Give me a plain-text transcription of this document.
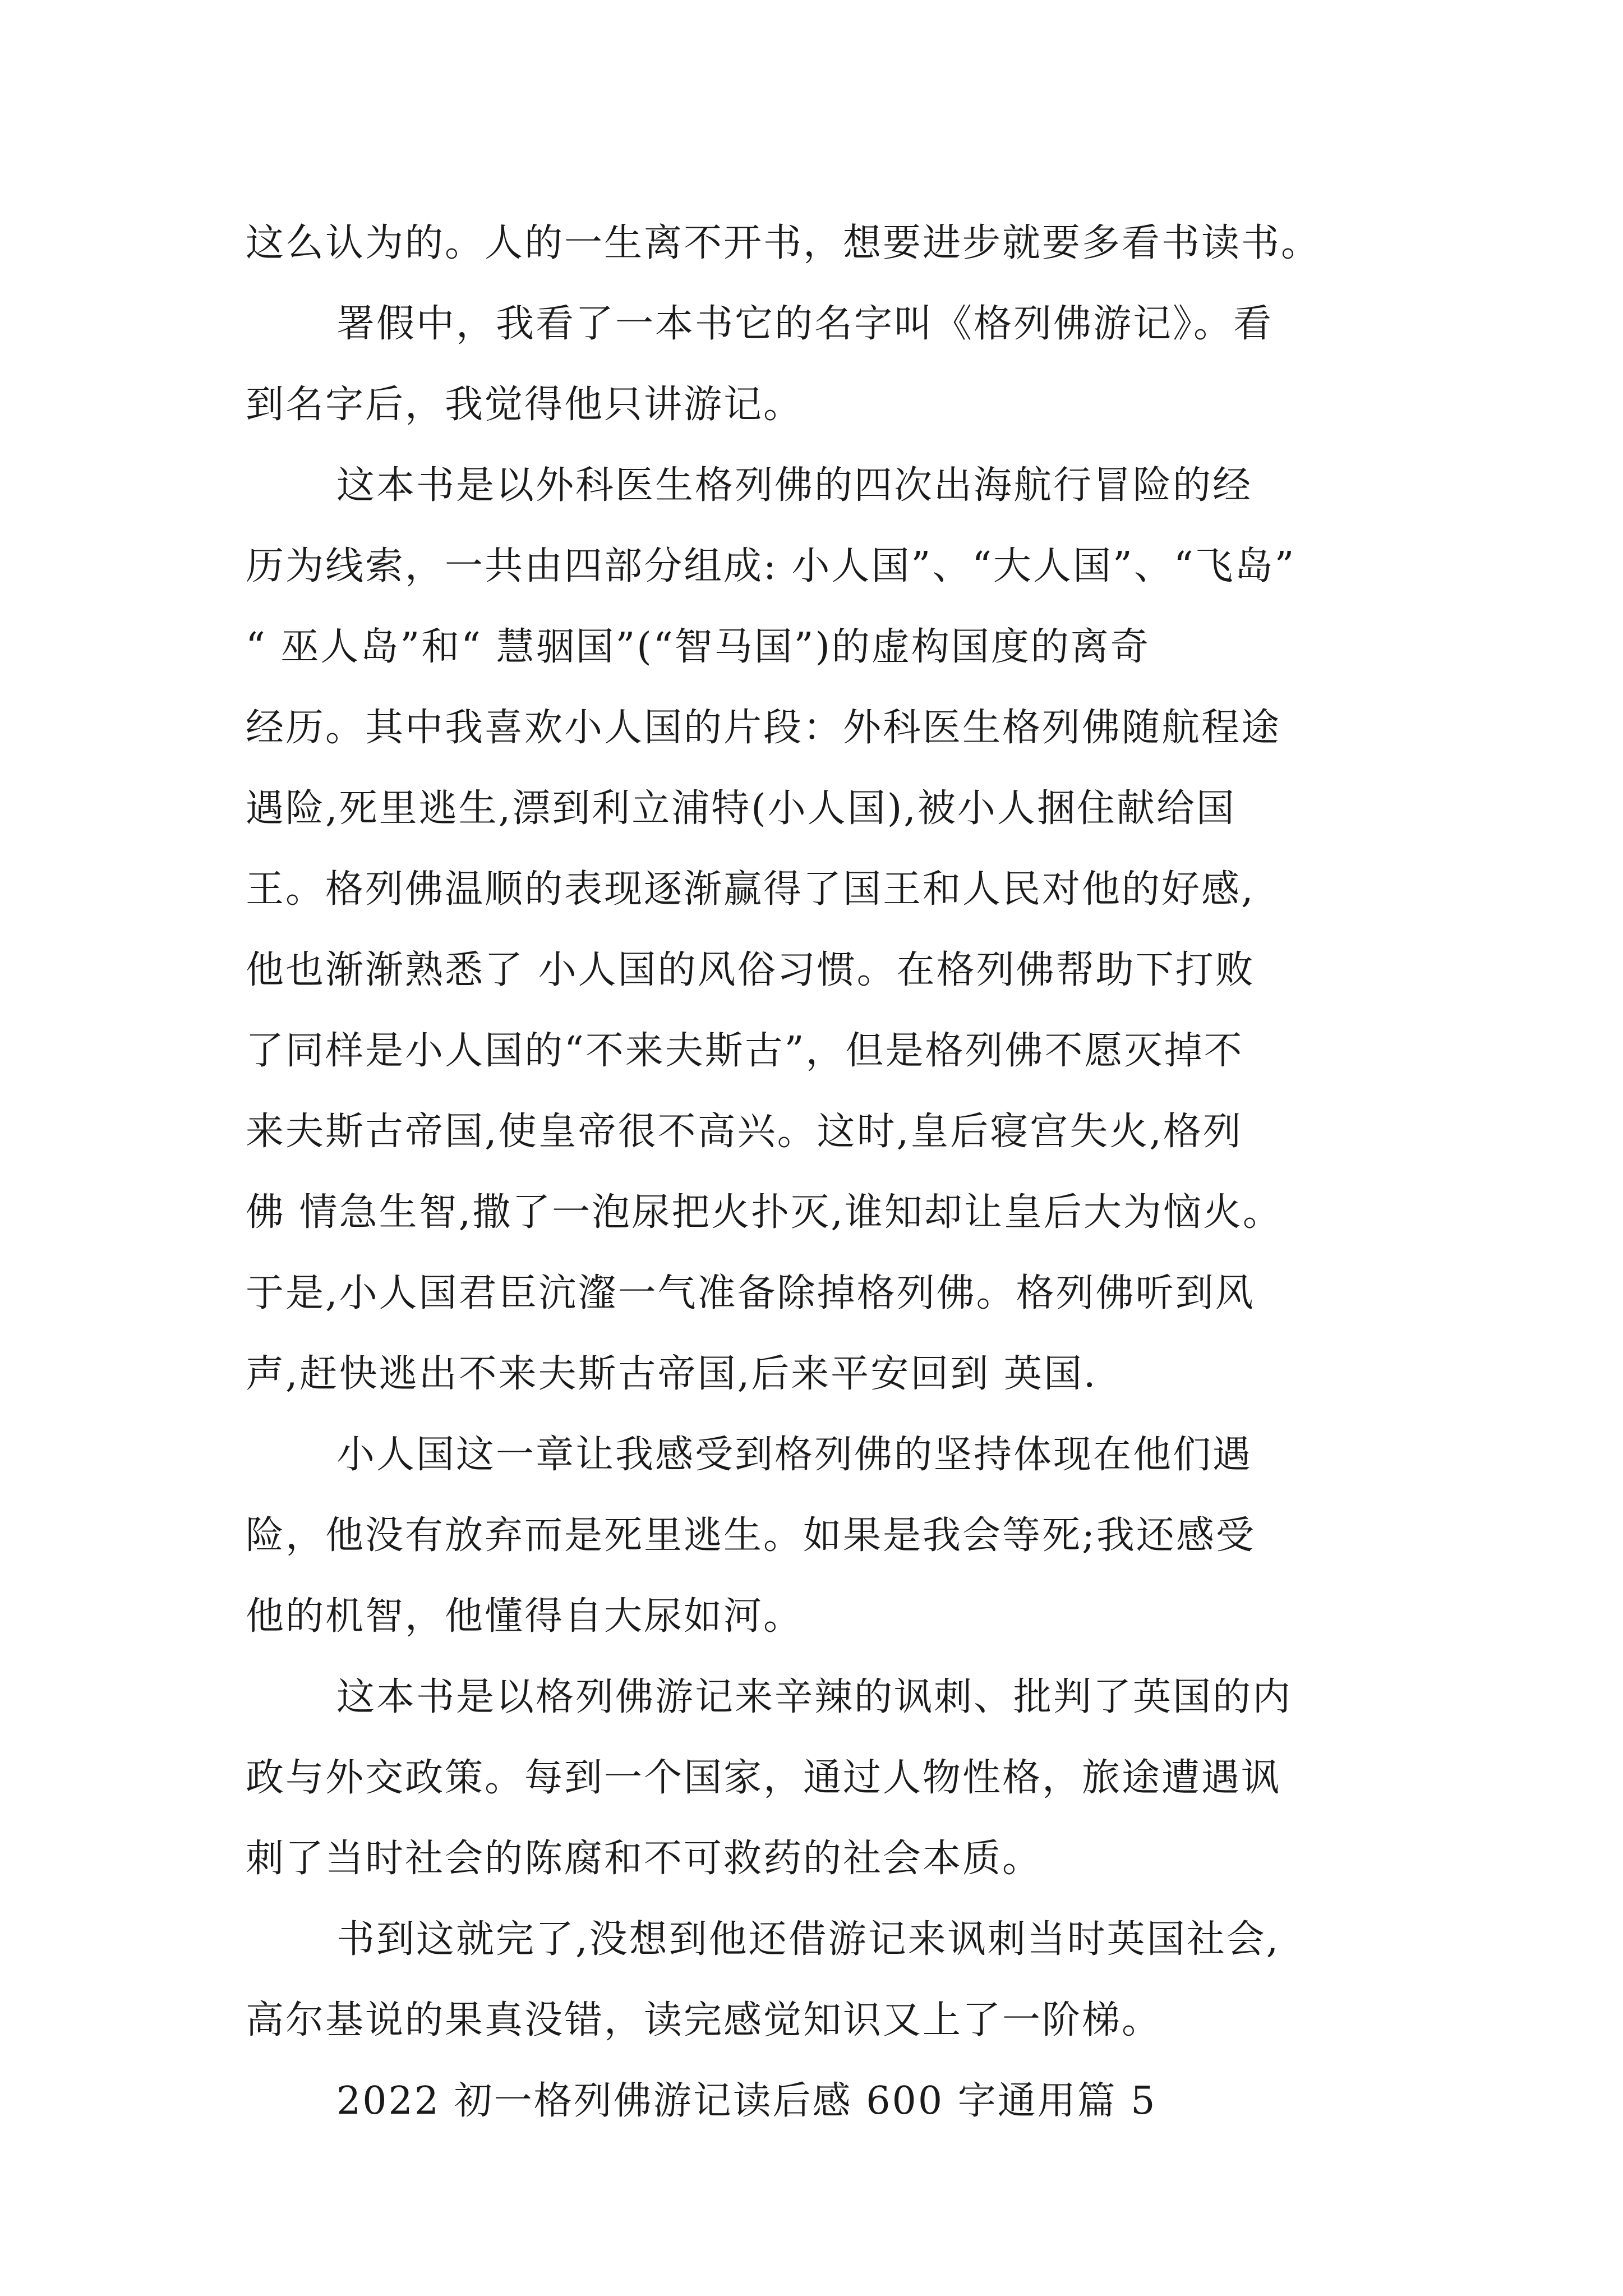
这么认为的。人的一生离不开书，想要进步就要多看书读书。
署假中，我看了一本书它的名字叫《格列佛游记》。看
到名字后，我觉得他只讲游记。
这本书是以外科医生格列佛的四次出海航行冒险的经
历为线索，一共由四部分组成: 小人国”、“大人国”、“飞岛”
“ 巫人岛”和“ 慧骃国”(“智马国”)的虚构国度的离奇
经历。其中我喜欢小人国的片段：外科医生格列佛随航程途
遇险,死里逃生,漂到利立浦特(小人国),被小人捆住献给国
王。格列佛温顺的表现逐渐赢得了国王和人民对他的好感,
他也渐渐熟悉了 小人国的风俗习惯。在格列佛帮助下打败
了同样是小人国的“不来夫斯古”，但是格列佛不愿灭掉不
来夫斯古帝国,使皇帝很不高兴。这时,皇后寝宫失火,格列
佛 情急生智,撒了一泡尿把火扑灭,谁知却让皇后大为恼火。
于是,小人国君臣沆瀣一气准备除掉格列佛。格列佛听到风
声,赶快逃出不来夫斯古帝国,后来平安回到 英国.
小人国这一章让我感受到格列佛的坚持体现在他们遇
险，他没有放弃而是死里逃生。如果是我会等死;我还感受
他的机智，他懂得自大尿如河。
这本书是以格列佛游记来辛辣的讽刺、批判了英国的内
政与外交政策。每到一个国家，通过人物性格，旅途遭遇讽
刺了当时社会的陈腐和不可救药的社会本质。
书到这就完了,没想到他还借游记来讽刺当时英国社会,
高尔基说的果真没错，读完感觉知识又上了一阶梯。
2022 初一格列佛游记读后感 600 字通用篇 5
